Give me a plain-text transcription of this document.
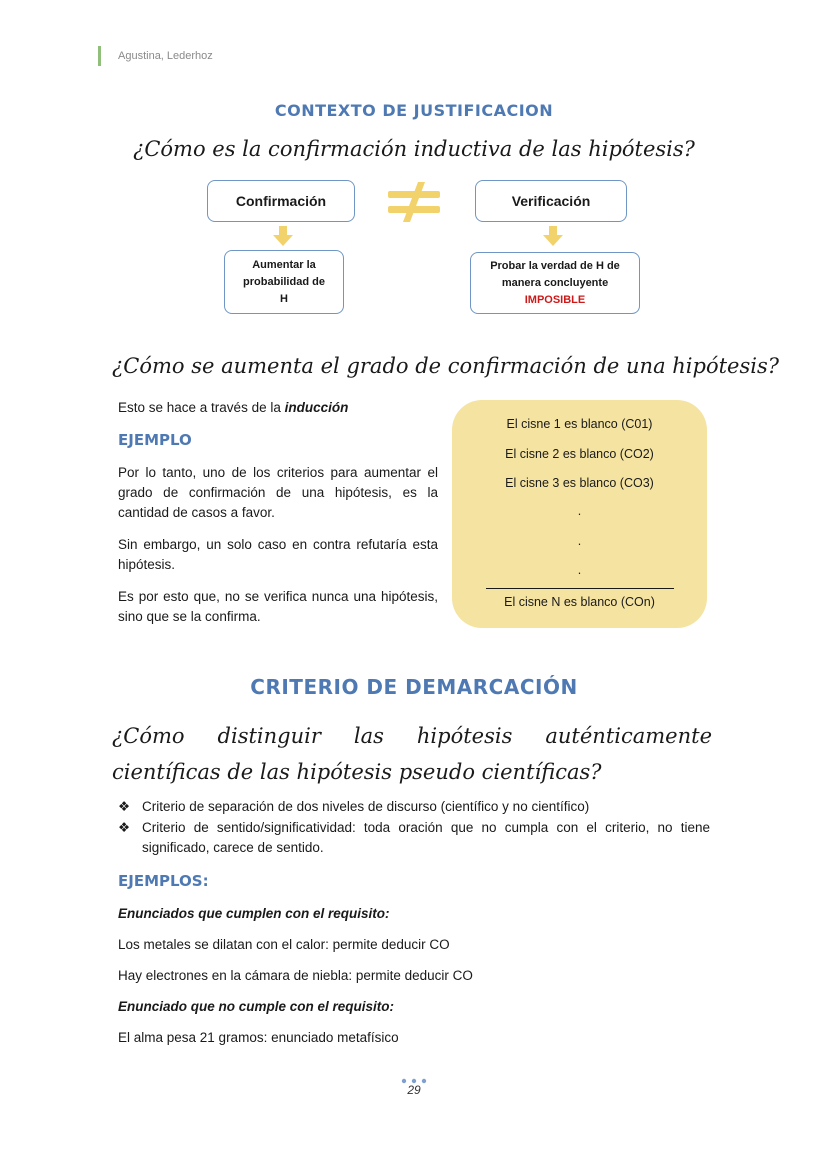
Agustina, Lederhoz
CONTEXTO DE JUSTIFICACION
¿Cómo es la confirmación inductiva de las hipótesis?
Confirmación	Verificación
Aumentar la
probabilidad de
H
Probar la verdad de H de
manera concluyente
IMPOSIBLE
¿Cómo se aumenta el grado de confirmación de una hipótesis?
Esto se hace a través de la inducción
EJEMPLO
Por lo tanto, uno de los criterios para aumentar el grado de confirmación de una hipótesis, es la cantidad de casos a favor.
Sin embargo, un solo caso en contra refutaría esta hipótesis.
Es por esto que, no se verifica nunca una hipótesis, sino que se la confirma.
El cisne 1 es blanco (C01)
El cisne 2 es blanco (CO2)
El cisne 3 es blanco (CO3)
.
.
.
El cisne N es blanco (COn)
CRITERIO DE DEMARCACIÓN
¿Cómo distinguir las hipótesis auténticamente científicas de las hipótesis pseudo científicas?
❖ Criterio de separación de dos niveles de discurso (científico y no científico)
❖ Criterio de sentido/significatividad: toda oración que no cumpla con el criterio, no tiene significado, carece de sentido.
EJEMPLOS:
Enunciados que cumplen con el requisito:
Los metales se dilatan con el calor: permite deducir CO
Hay electrones en la cámara de niebla: permite deducir CO
Enunciado que no cumple con el requisito:
El alma pesa 21 gramos: enunciado metafísico
29
